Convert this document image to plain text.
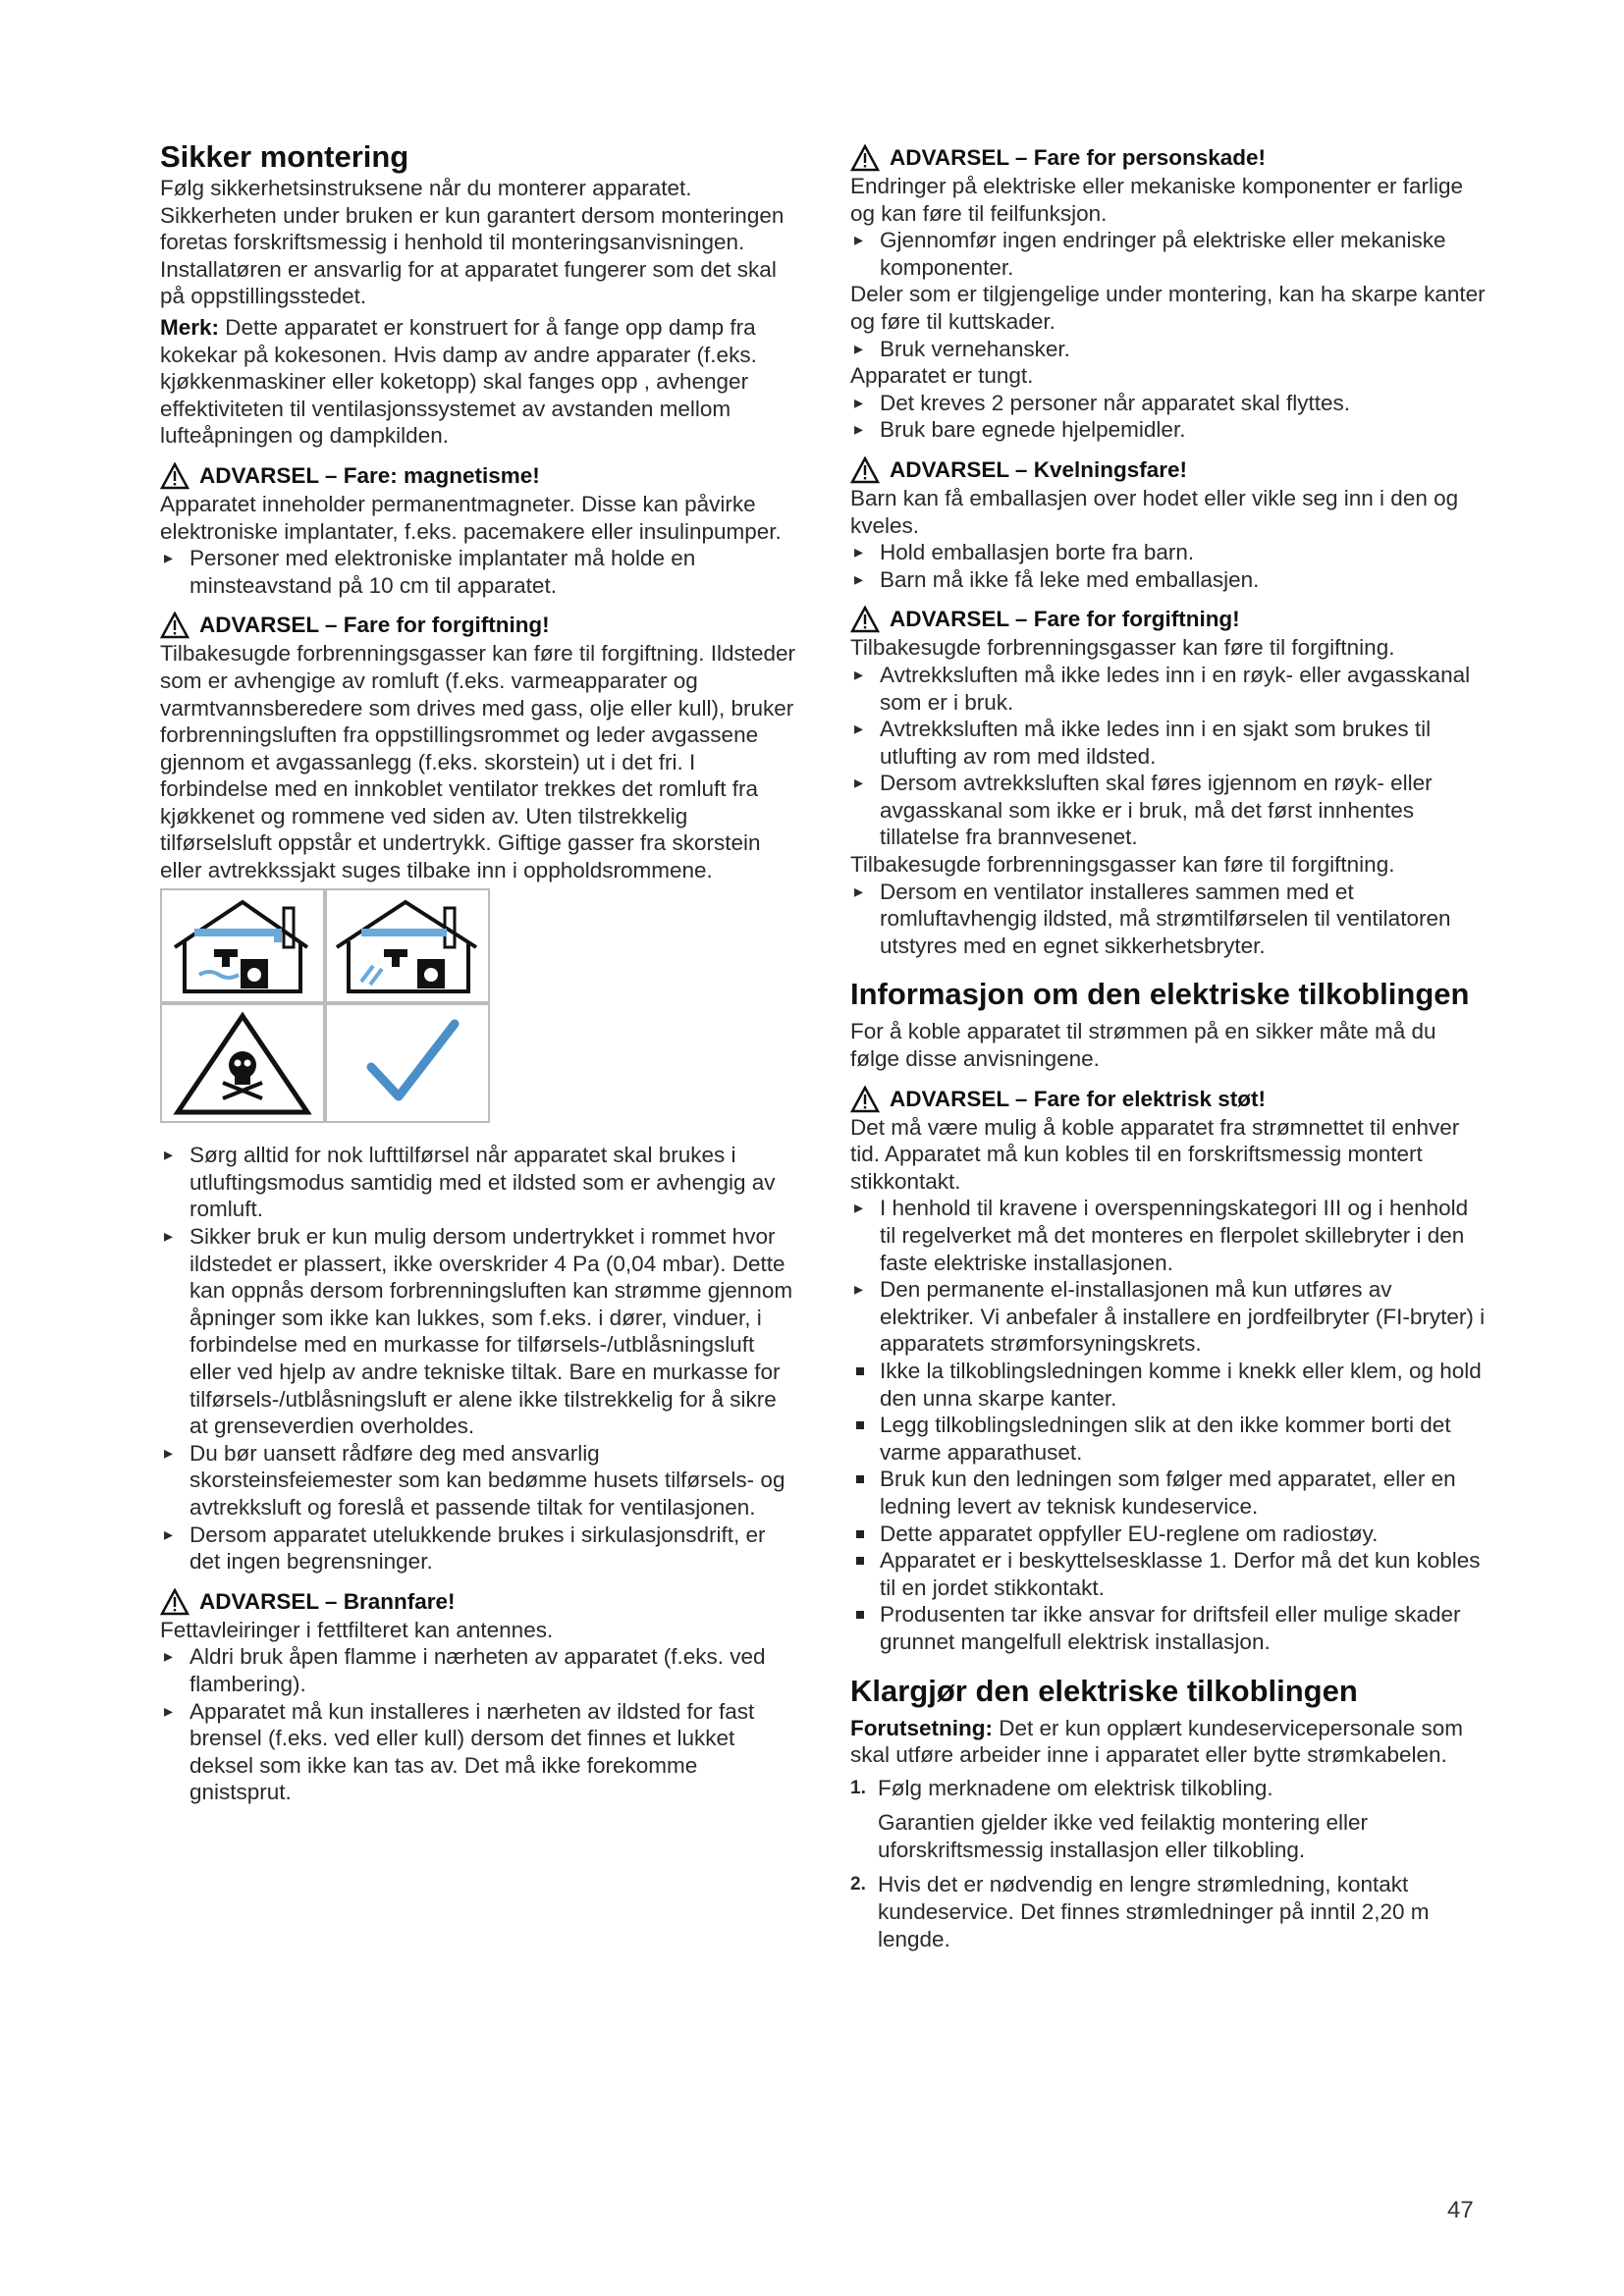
Sikker montering

Følg sikkerhetsinstruksene når du monterer apparatet.

Sikkerheten under bruken er kun garantert dersom monteringen foretas forskriftsmessig i henhold til monteringsanvisningen. Installatøren er ansvarlig for at apparatet fungerer som det skal på oppstillingsstedet.

Merk: Dette apparatet er konstruert for å fange opp damp fra kokekar på kokesonen. Hvis damp av andre apparater (f.eks. kjøkkenmaskiner eller koketopp) skal fanges opp , avhenger effektiviteten til ventilasjonssystemet av avstanden mellom lufteåpningen og dampkilden.

ADVARSEL – Fare: magnetisme!

Apparatet inneholder permanentmagneter. Disse kan påvirke elektroniske implantater, f.eks. pacemakere eller insulinpumper.

▸ Personer med elektroniske implantater må holde en minsteavstand på 10 cm til apparatet.
ADVARSEL – Fare for forgiftning!

Tilbakesugde forbrenningsgasser kan føre til forgiftning. Ildsteder som er avhengige av romluft (f.eks. varmeapparater og varmtvannsberedere som drives med gass, olje eller kull), bruker forbrenningsluften fra oppstillingsrommet og leder avgassene gjennom et avgassanlegg (f.eks. skorstein) ut i det fri. I forbindelse med en innkoblet ventilator trekkes det romluft fra kjøkkenet og rommene ved siden av. Uten tilstrekkelig tilførselsluft oppstår et undertrykk. Giftige gasser fra skorstein eller avtrekkssjakt suges tilbake inn i oppholdsrommene.

▸ Sørg alltid for nok lufttilførsel når apparatet skal brukes i utluftingsmodus samtidig med et ildsted som er avhengig av romluft.
▸ Sikker bruk er kun mulig dersom undertrykket i rommet hvor ildstedet er plassert, ikke overskrider 4 Pa (0,04 mbar). Dette kan oppnås dersom forbrenningsluften kan strømme gjennom åpninger som ikke kan lukkes, som f.eks. i dører, vinduer, i forbindelse med en murkasse for tilførsels-/utblåsningsluft eller ved hjelp av andre tekniske tiltak. Bare en murkasse for tilførsels-/utblåsningsluft er alene ikke tilstrekkelig for å sikre at grenseverdien overholdes.
▸ Du bør uansett rådføre deg med ansvarlig skorsteinsfeiemester som kan bedømme husets tilførsels- og avtrekksluft og foreslå et passende tiltak for ventilasjonen.
▸ Dersom apparatet utelukkende brukes i sirkulasjonsdrift, er det ingen begrensninger.
ADVARSEL – Brannfare!

Fettavleiringer i fettfilteret kan antennes.

▸ Aldri bruk åpen flamme i nærheten av apparatet (f.eks. ved flambering).
▸ Apparatet må kun installeres i nærheten av ildsted for fast brensel (f.eks. ved eller kull) dersom det finnes et lukket deksel som ikke kan tas av. Det må ikke forekomme gnistsprut.
ADVARSEL – Fare for personskade!

Endringer på elektriske eller mekaniske komponenter er farlige og kan føre til feilfunksjon.

▸ Gjennomfør ingen endringer på elektriske eller mekaniske komponenter.

Deler som er tilgjengelige under montering, kan ha skarpe kanter og føre til kuttskader.

▸ Bruk vernehansker.

Apparatet er tungt.

▸ Det kreves 2 personer når apparatet skal flyttes.
▸ Bruk bare egnede hjelpemidler.
ADVARSEL – Kvelningsfare!

Barn kan få emballasjen over hodet eller vikle seg inn i den og kveles.

▸ Hold emballasjen borte fra barn.
▸ Barn må ikke få leke med emballasjen.
ADVARSEL – Fare for forgiftning!

Tilbakesugde forbrenningsgasser kan føre til forgiftning.

▸ Avtrekksluften må ikke ledes inn i en røyk- eller avgasskanal som er i bruk.
▸ Avtrekksluften må ikke ledes inn i en sjakt som brukes til utlufting av rom med ildsted.
▸ Dersom avtrekksluften skal føres igjennom en røyk- eller avgasskanal som ikke er i bruk, må det først innhentes tillatelse fra brannvesenet.

Tilbakesugde forbrenningsgasser kan føre til forgiftning.

▸ Dersom en ventilator installeres sammen med et romluftavhengig ildsted, må strømtilførselen til ventilatoren utstyres med en egnet sikkerhetsbryter.
Informasjon om den elektriske tilkoblingen

For å koble apparatet til strømmen på en sikker måte må du følge disse anvisningene.

ADVARSEL – Fare for elektrisk støt!

Det må være mulig å koble apparatet fra strømnettet til enhver tid. Apparatet må kun kobles til en forskriftsmessig montert stikkontakt.

▸ I henhold til kravene i overspenningskategori III og i henhold til regelverket må det monteres en flerpolet skillebryter i den faste elektriske installasjonen.
▸ Den permanente el-installasjonen må kun utføres av elektriker. Vi anbefaler å installere en jordfeilbryter (FI-bryter) i apparatets strømforsyningskrets.
Ikke la tilkoblingsledningen komme i knekk eller klem, og hold den unna skarpe kanter.
Legg tilkoblingsledningen slik at den ikke kommer borti det varme apparathuset.
Bruk kun den ledningen som følger med apparatet, eller en ledning levert av teknisk kundeservice.
Dette apparatet oppfyller EU-reglene om radiostøy.
Apparatet er i beskyttelsesklasse 1. Derfor må det kun kobles til en jordet stikkontakt.
Produsenten tar ikke ansvar for driftsfeil eller mulige skader grunnet mangelfull elektrisk installasjon.
Klargjør den elektriske tilkoblingen

Forutsetning: Det er kun opplært kundeservicepersonale som skal utføre arbeider inne i apparatet eller bytte strømkabelen.

1. Følg merknadene om elektrisk tilkobling.
Garantien gjelder ikke ved feilaktig montering eller uforskriftsmessig installasjon eller tilkobling.
2. Hvis det er nødvendig en lengre strømledning, kontakt kundeservice. Det finnes strømledninger på inntil 2,20 m lengde.
47
